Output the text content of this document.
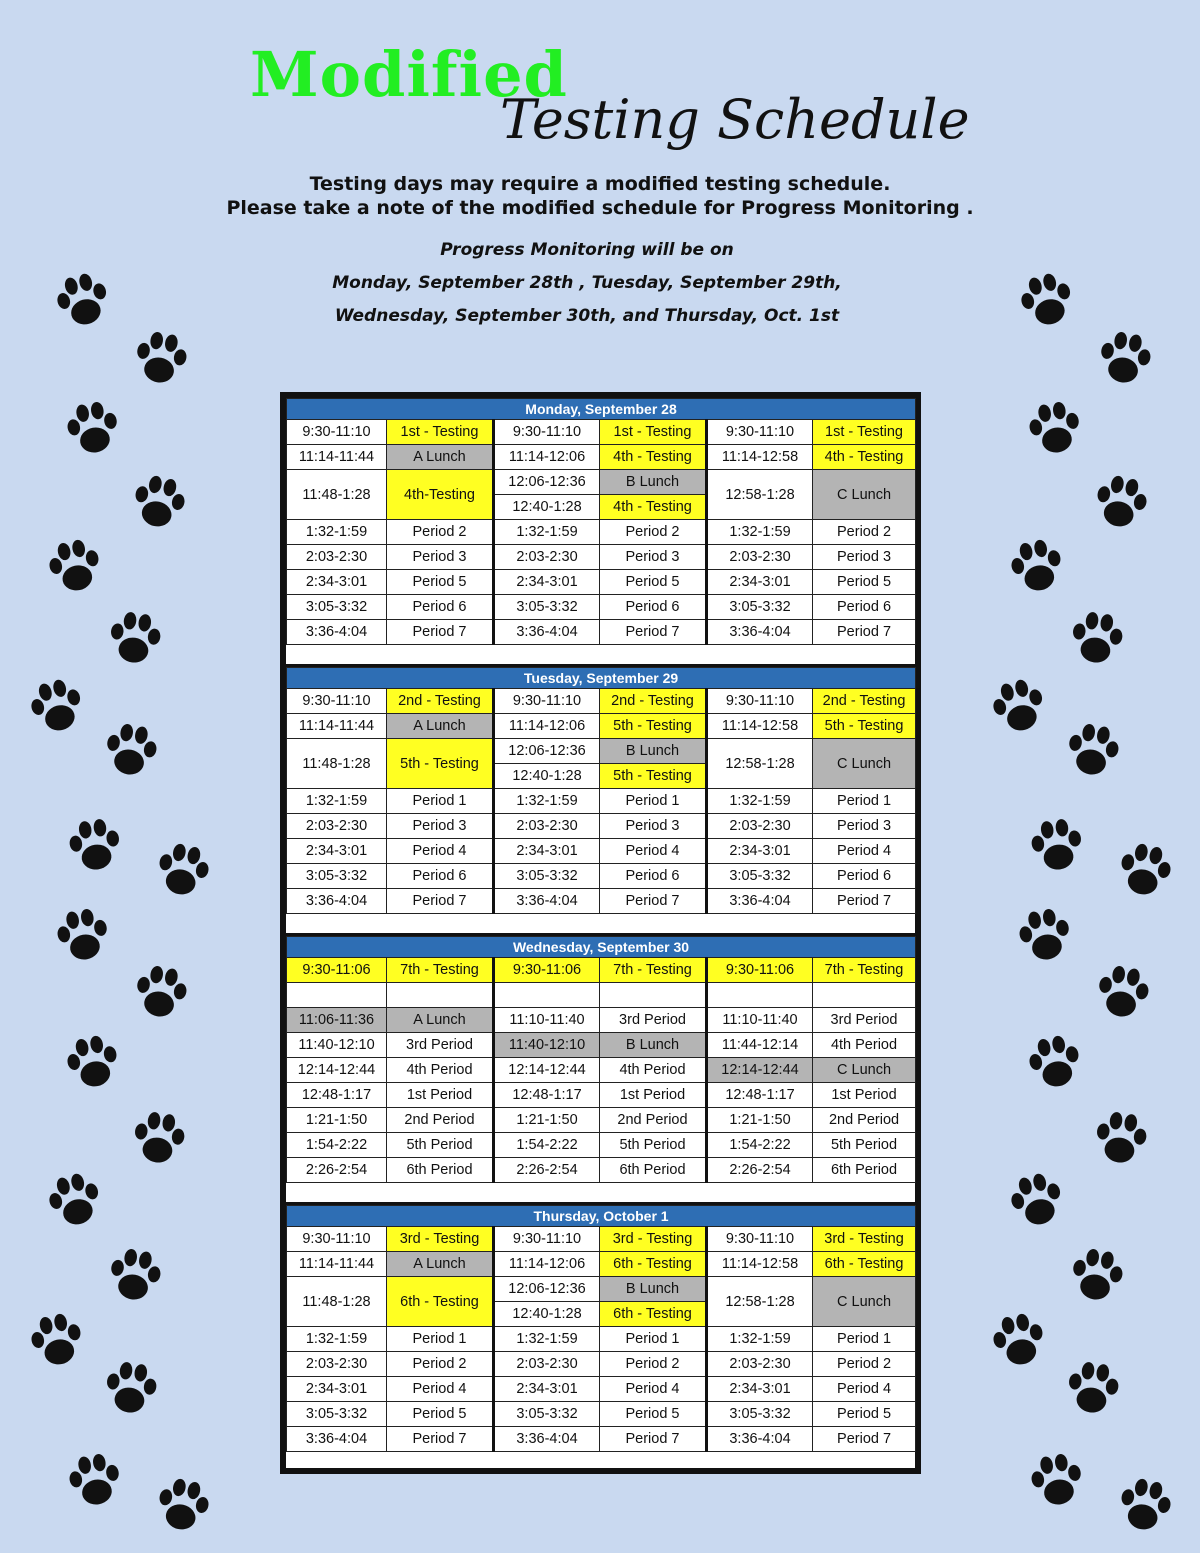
Modified
Testing Schedule
Testing days may require a modified testing schedule.
Please take a note of the modified schedule for Progress Monitoring .
Progress Monitoring will be on
Monday, September 28th , Tuesday, September 29th,
Wednesday, September 30th, and Thursday, Oct. 1st
Monday, September 28					
9:30-11:10	1st - Testing	9:30-11:10	1st - Testing	9:30-11:10	1st - Testing
11:14-11:44	A Lunch	11:14-12:06	4th - Testing	11:14-12:58	4th - Testing
11:48-1:28	4th-Testing	12:06-12:36	B Lunch	12:58-1:28	C Lunch
		12:40-1:28	4th - Testing		
1:32-1:59	Period 2	1:32-1:59	Period 2	1:32-1:59	Period 2
2:03-2:30	Period 3	2:03-2:30	Period 3	2:03-2:30	Period 3
2:34-3:01	Period 5	2:34-3:01	Period 5	2:34-3:01	Period 5
3:05-3:32	Period 6	3:05-3:32	Period 6	3:05-3:32	Period 6
3:36-4:04	Period 7	3:36-4:04	Period 7	3:36-4:04	Period 7
Tuesday, September 29					
9:30-11:10	2nd - Testing	9:30-11:10	2nd - Testing	9:30-11:10	2nd - Testing
11:14-11:44	A Lunch	11:14-12:06	5th - Testing	11:14-12:58	5th - Testing
11:48-1:28	5th - Testing	12:06-12:36	B Lunch	12:58-1:28	C Lunch
		12:40-1:28	5th - Testing		
1:32-1:59	Period 1	1:32-1:59	Period 1	1:32-1:59	Period 1
2:03-2:30	Period 3	2:03-2:30	Period 3	2:03-2:30	Period 3
2:34-3:01	Period 4	2:34-3:01	Period 4	2:34-3:01	Period 4
3:05-3:32	Period 6	3:05-3:32	Period 6	3:05-3:32	Period 6
3:36-4:04	Period 7	3:36-4:04	Period 7	3:36-4:04	Period 7
Wednesday, September 30					
9:30-11:06	7th - Testing	9:30-11:06	7th - Testing	9:30-11:06	7th - Testing

11:06-11:36	A Lunch	11:10-11:40	3rd Period	11:10-11:40	3rd Period
11:40-12:10	3rd Period	11:40-12:10	B Lunch	11:44-12:14	4th Period
12:14-12:44	4th Period	12:14-12:44	4th Period	12:14-12:44	C Lunch
12:48-1:17	1st Period	12:48-1:17	1st Period	12:48-1:17	1st Period
1:21-1:50	2nd Period	1:21-1:50	2nd Period	1:21-1:50	2nd Period
1:54-2:22	5th Period	1:54-2:22	5th Period	1:54-2:22	5th Period
2:26-2:54	6th Period	2:26-2:54	6th Period	2:26-2:54	6th Period
Thursday, October 1					
9:30-11:10	3rd - Testing	9:30-11:10	3rd - Testing	9:30-11:10	3rd - Testing
11:14-11:44	A Lunch	11:14-12:06	6th - Testing	11:14-12:58	6th - Testing
11:48-1:28	6th - Testing	12:06-12:36	B Lunch	12:58-1:28	C Lunch
		12:40-1:28	6th - Testing		
1:32-1:59	Period 1	1:32-1:59	Period 1	1:32-1:59	Period 1
2:03-2:30	Period 2	2:03-2:30	Period 2	2:03-2:30	Period 2
2:34-3:01	Period 4	2:34-3:01	Period 4	2:34-3:01	Period 4
3:05-3:32	Period 5	3:05-3:32	Period 5	3:05-3:32	Period 5
3:36-4:04	Period 7	3:36-4:04	Period 7	3:36-4:04	Period 7
